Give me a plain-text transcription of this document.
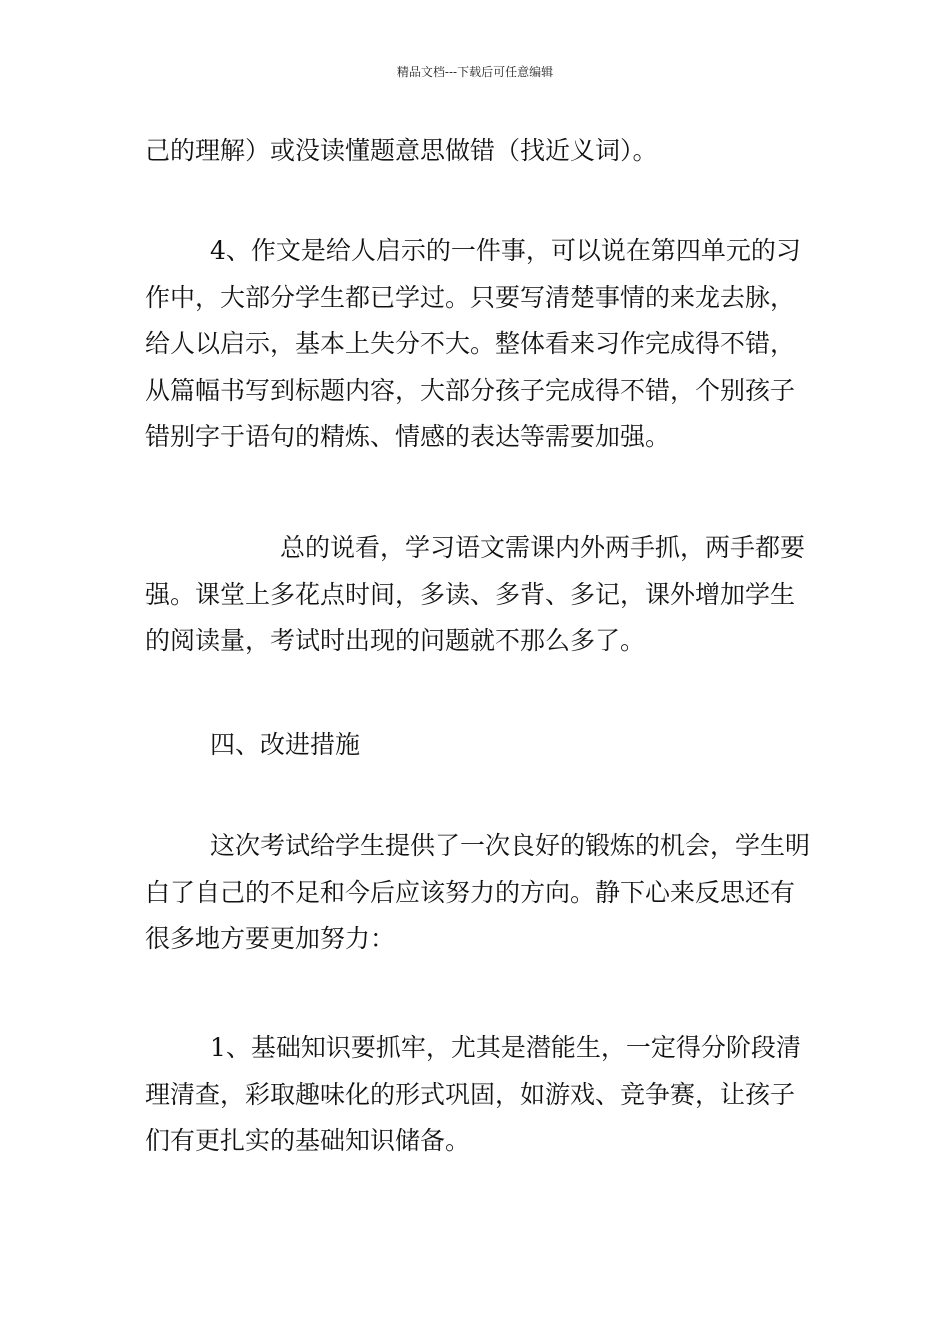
精品文档---下载后可任意编辑

己的理解）或没读懂题意思做错（找近义词）。

4、作文是给人启示的一件事，可以说在第四单元的习作中，大部分学生都已学过。只要写清楚事情的来龙去脉，给人以启示，基本上失分不大。整体看来习作完成得不错，从篇幅书写到标题内容，大部分孩子完成得不错，个别孩子错别字于语句的精炼、情感的表达等需要加强。

总的说看，学习语文需课内外两手抓，两手都要强。课堂上多花点时间，多读、多背、多记，课外增加学生的阅读量，考试时出现的问题就不那么多了。

四、改进措施

这次考试给学生提供了一次良好的锻炼的机会，学生明白了自己的不足和今后应该努力的方向。静下心来反思还有很多地方要更加努力：

1、基础知识要抓牢，尤其是潜能生，一定得分阶段清理清查，彩取趣味化的形式巩固，如游戏、竞争赛，让孩子们有更扎实的基础知识储备。
